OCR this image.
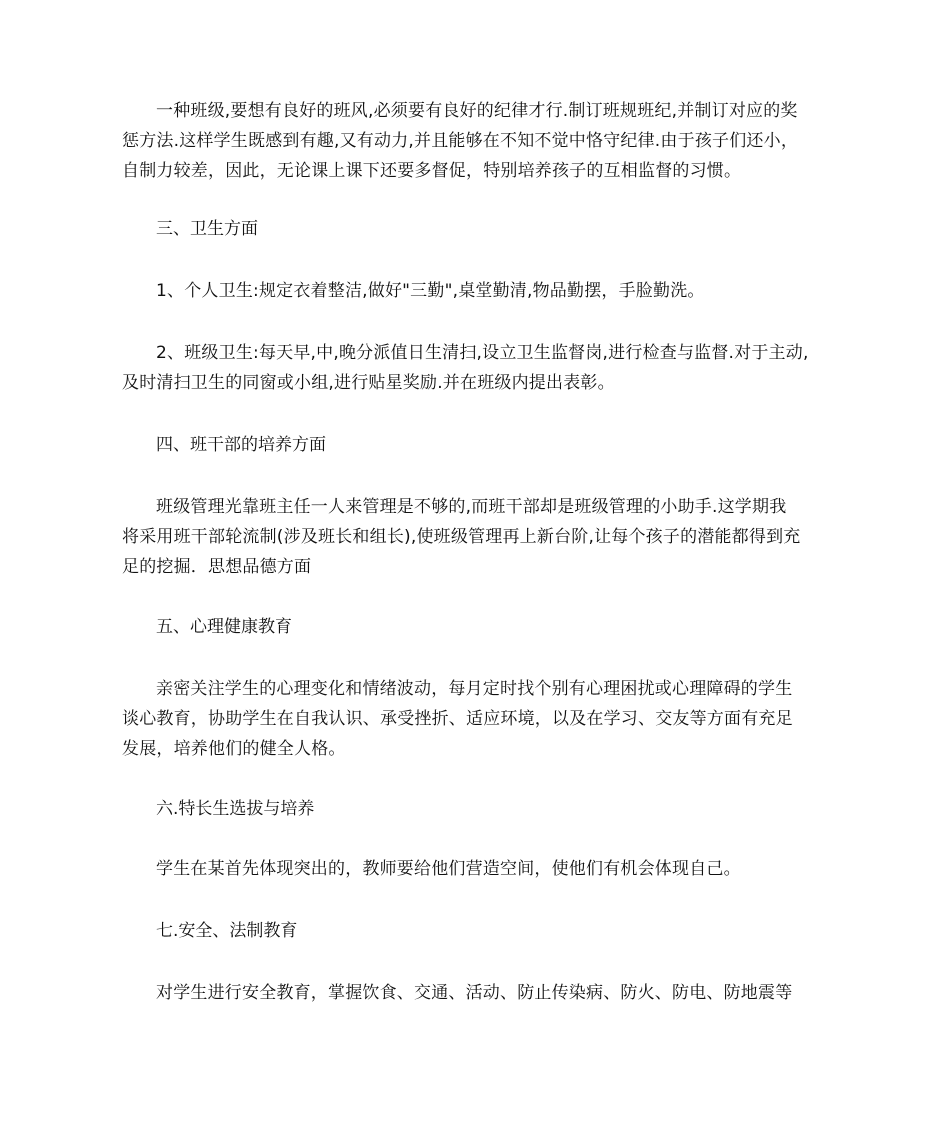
一种班级,要想有良好的班风,必须要有良好的纪律才行.制订班规班纪,并制订对应的奖
惩方法.这样学生既感到有趣,又有动力,并且能够在不知不觉中恪守纪律.由于孩子们还小，
自制力较差，因此，无论课上课下还要多督促，特别培养孩子的互相监督的习惯。

三、卫生方面

1、个人卫生:规定衣着整洁,做好"三勤",桌堂勤清,物品勤摆，手脸勤洗。

2、班级卫生:每天早,中,晚分派值日生清扫,设立卫生监督岗,进行检查与监督.对于主动,
及时清扫卫生的同窗或小组,进行贴星奖励.并在班级内提出表彰。

四、班干部的培养方面

班级管理光靠班主任一人来管理是不够的,而班干部却是班级管理的小助手.这学期我
将采用班干部轮流制(涉及班长和组长),使班级管理再上新台阶,让每个孩子的潜能都得到充
足的挖掘．思想品德方面

五、心理健康教育

亲密关注学生的心理变化和情绪波动，每月定时找个别有心理困扰或心理障碍的学生
谈心教育，协助学生在自我认识、承受挫折、适应环境，以及在学习、交友等方面有充足
发展，培养他们的健全人格。

六.特长生选拔与培养

学生在某首先体现突出的，教师要给他们营造空间，使他们有机会体现自己。

七.安全、法制教育

对学生进行安全教育，掌握饮食、交通、活动、防止传染病、防火、防电、防地震等
